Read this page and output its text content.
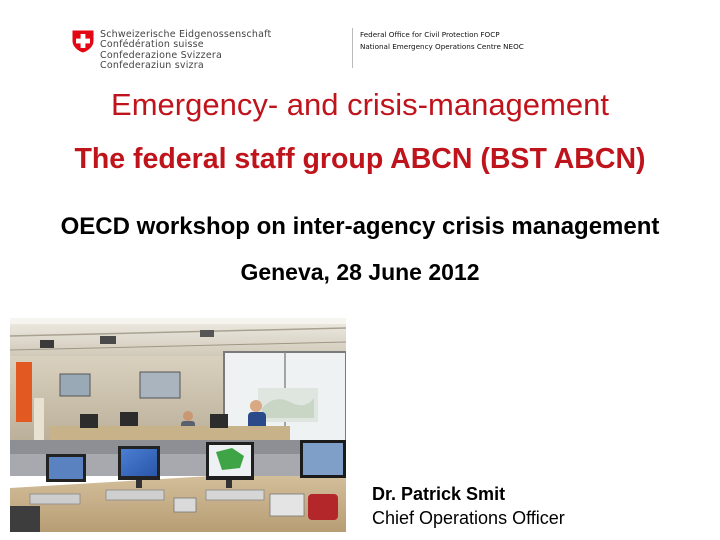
Schweizerische Eidgenossenschaft
Confédération suisse
Confederazione Svizzera
Confederaziun svizra
Federal Office for Civil Protection FOCP
National Emergency Operations Centre NEOC
Emergency- and crisis-management
The federal staff group ABCN (BST ABCN)
OECD workshop on inter-agency crisis management
Geneva, 28 June 2012
Dr. Patrick Smit
Chief Operations Officer
